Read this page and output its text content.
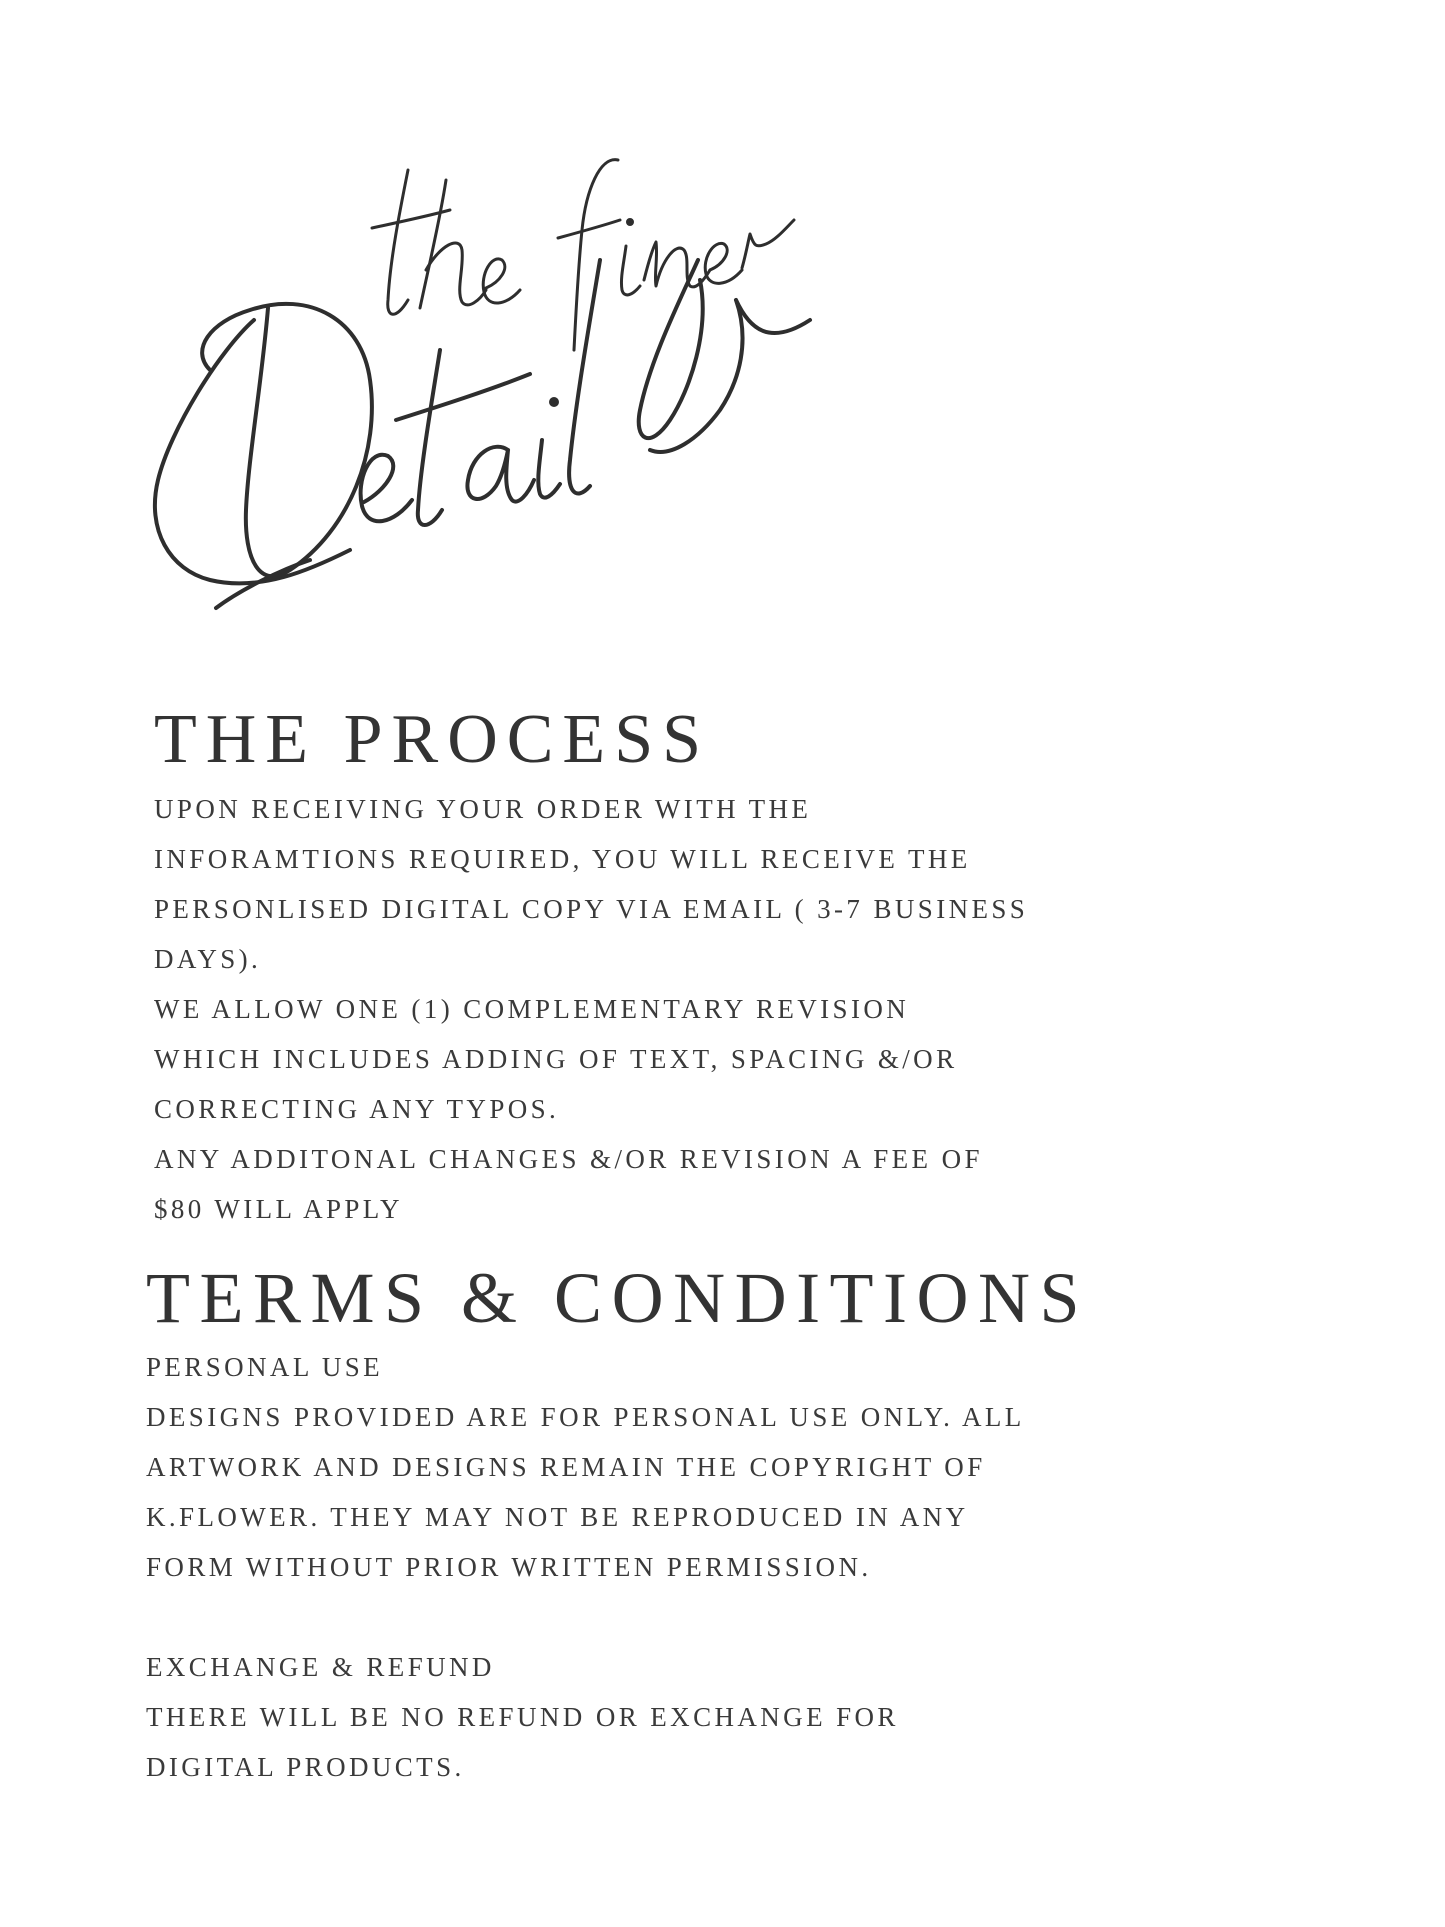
THE PROCESS

UPON RECEIVING YOUR ORDER WITH THE

INFORAMTIONS REQUIRED, YOU WILL RECEIVE THE

PERSONLISED DIGITAL COPY VIA EMAIL ( 3-7 BUSINESS

DAYS).

WE ALLOW ONE (1) COMPLEMENTARY REVISION

WHICH INCLUDES ADDING OF TEXT, SPACING &/OR

CORRECTING ANY TYPOS.

ANY ADDITONAL CHANGES &/OR REVISION A FEE OF

$80 WILL APPLY

TERMS & CONDITIONS

PERSONAL USE

DESIGNS PROVIDED ARE FOR PERSONAL USE ONLY. ALL

ARTWORK AND DESIGNS REMAIN THE COPYRIGHT OF

K.FLOWER. THEY MAY NOT BE REPRODUCED IN ANY

FORM WITHOUT PRIOR WRITTEN PERMISSION.

EXCHANGE & REFUND

THERE WILL BE NO REFUND OR EXCHANGE FOR

DIGITAL PRODUCTS.
